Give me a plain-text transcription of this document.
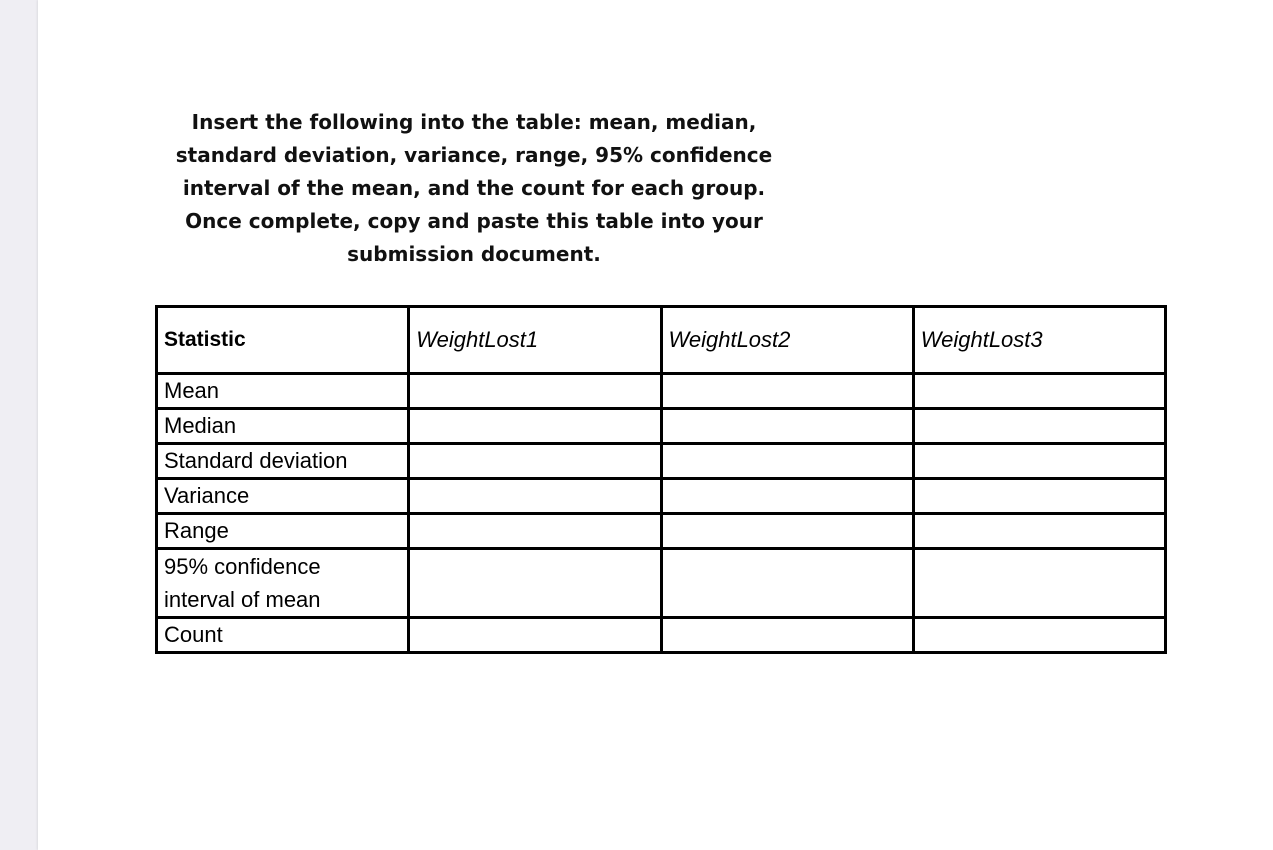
Insert the following into the table: mean, median,
standard deviation, variance, range, 95% confidence
interval of the mean, and the count for each group.
Once complete, copy and paste this table into your
submission document.
Statistic	WeightLost1	WeightLost2	WeightLost3
Mean			
Median			
Standard deviation			
Variance			
Range			

95% confidence
interval of mean			

Count			
